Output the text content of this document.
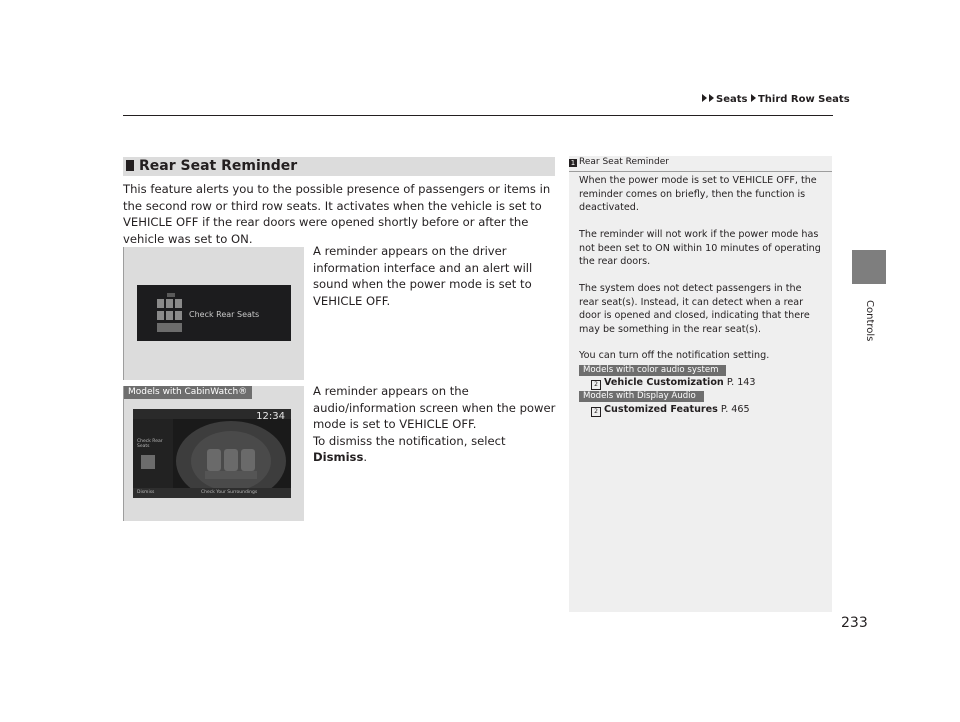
Seats Third Row Seats
Controls
Rear Seat Reminder
This feature alerts you to the possible presence of passengers or items in the second row or third row seats. It activates when the vehicle is set to VEHICLE OFF if the rear doors were opened shortly before or after the vehicle was set to ON.
Check Rear Seats
A reminder appears on the driver information interface and an alert will sound when the power mode is set to VEHICLE OFF.
Models with CabinWatch®
12:34
Check Rear Seats
Dismiss	Check Your Surroundings
A reminder appears on the audio/information screen when the power mode is set to VEHICLE OFF.
To dismiss the notification, select Dismiss.
1 Rear Seat Reminder
When the power mode is set to VEHICLE OFF, the reminder comes on briefly, then the function is deactivated.
The reminder will not work if the power mode has not been set to ON within 10 minutes of operating the rear doors.
The system does not detect passengers in the rear seat(s). Instead, it can detect when a rear door is opened and closed, indicating that there may be something in the rear seat(s).
You can turn off the notification setting.
Models with color audio system
2 Vehicle Customization P. 143
Models with Display Audio
2 Customized Features P. 465
233
